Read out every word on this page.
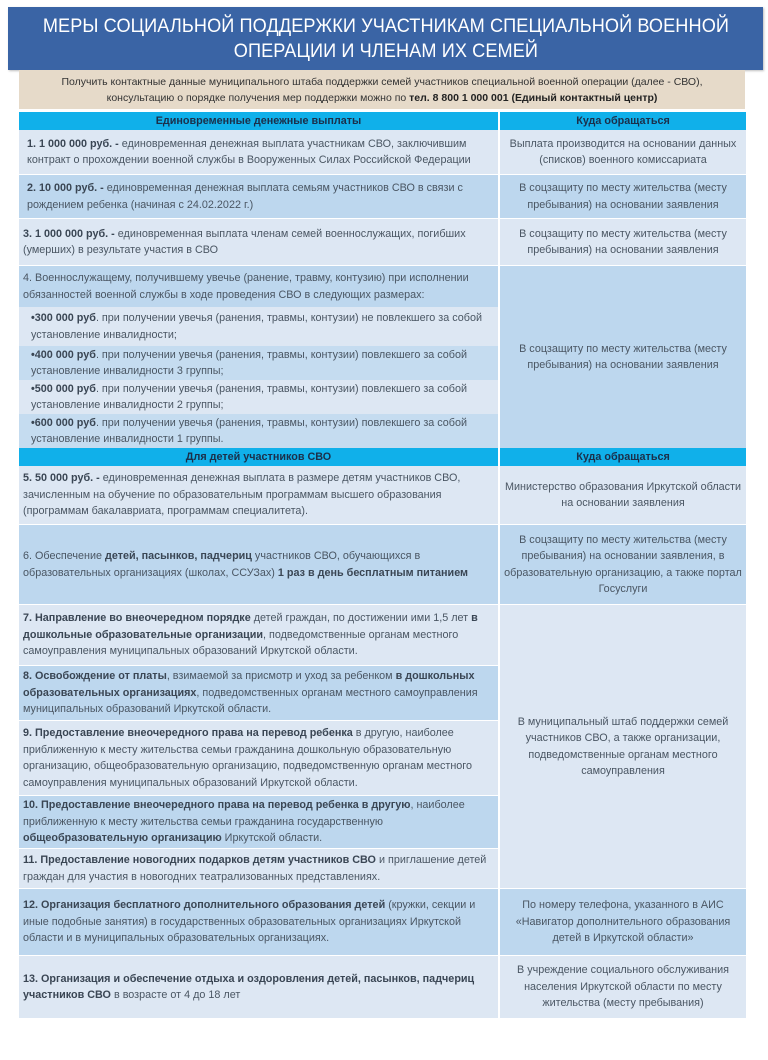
МЕРЫ СОЦИАЛЬНОЙ ПОДДЕРЖКИ УЧАСТНИКАМ СПЕЦИАЛЬНОЙ ВОЕННОЙ
ОПЕРАЦИИ И ЧЛЕНАМ ИХ СЕМЕЙ
Получить контактные данные муниципального штаба поддержки семей участников специальной военной операции (далее - СВО),
консультацию о порядке получения мер поддержки можно по тел. 8 800 1 000 001 (Единый контактный центр)
Единовременные денежные выплаты	Куда обращаться
1. 1 000 000 руб. - единовременная денежная выплата участникам СВО, заключившим контракт о прохождении военной службы в Вооруженных Силах Российской Федерации
Выплата производится на основании данных (списков) военного комиссариата
2. 10 000 руб. - единовременная денежная выплата семьям участников СВО в связи с рождением ребенка (начиная с 24.02.2022 г.)
В соцзащиту по месту жительства (месту пребывания) на основании заявления
3. 1 000 000 руб. - единовременная выплата членам семей военнослужащих, погибших (умерших) в результате участия в СВО
В соцзащиту по месту жительства (месту пребывания) на основании заявления
4. Военнослужащему, получившему увечье (ранение, травму, контузию) при исполнении обязанностей военной службы в ходе проведения СВО в следующих размерах:
•300 000 руб. при получении увечья (ранения, травмы, контузии) не повлекшего за собой установление инвалидности;
•400 000 руб. при получении увечья (ранения, травмы, контузии) повлекшего за собой установление инвалидности 3 группы;
•500 000 руб. при получении увечья (ранения, травмы, контузии) повлекшего за собой установление инвалидности 2 группы;
•600 000 руб. при получении увечья (ранения, травмы, контузии) повлекшего за собой установление инвалидности 1 группы.
В соцзащиту по месту жительства (месту пребывания) на основании заявления
Для детей участников СВО	Куда обращаться
5. 50 000 руб. - единовременная денежная выплата в размере детям участников СВО, зачисленным на обучение по образовательным программам высшего образования (программам бакалавриата, программам специалитета).
Министерство образования Иркутской области на основании заявления
6. Обеспечение детей, пасынков, падчериц участников СВО, обучающихся в образовательных организациях (школах, ССУЗах) 1 раз в день бесплатным питанием
В соцзащиту по месту жительства (месту пребывания) на основании заявления, в образовательную организацию, а также портал Госуслуги
7. Направление во внеочередном порядке детей граждан, по достижении ими 1,5 лет в дошкольные образовательные организации, подведомственные органам местного самоуправления муниципальных образований Иркутской области.
8. Освобождение от платы, взимаемой за присмотр и уход за ребенком в дошкольных образовательных организациях, подведомственных органам местного самоуправления муниципальных образований Иркутской области.
9. Предоставление внеочередного права на перевод ребенка в другую, наиболее приближенную к месту жительства семьи гражданина дошкольную образовательную организацию, общеобразовательную организацию, подведомственную органам местного самоуправления муниципальных образований Иркутской области.
10. Предоставление внеочередного права на перевод ребенка в другую, наиболее приближенную к месту жительства семьи гражданина государственную общеобразовательную организацию Иркутской области.
11. Предоставление новогодних подарков детям участников СВО и приглашение детей граждан для участия в новогодних театрализованных представлениях.
В муниципальный штаб поддержки семей участников СВО, а также организации, подведомственные органам местного самоуправления
12. Организация бесплатного дополнительного образования детей (кружки, секции и иные подобные занятия) в государственных образовательных организациях Иркутской области и в муниципальных образовательных организациях.
По номеру телефона, указанного в АИС «Навигатор дополнительного образования детей в Иркутской области»
13. Организация и обеспечение отдыха и оздоровления детей, пасынков, падчериц участников СВО в возрасте от 4 до 18 лет
В учреждение социального обслуживания населения Иркутской области по месту жительства (месту пребывания)
